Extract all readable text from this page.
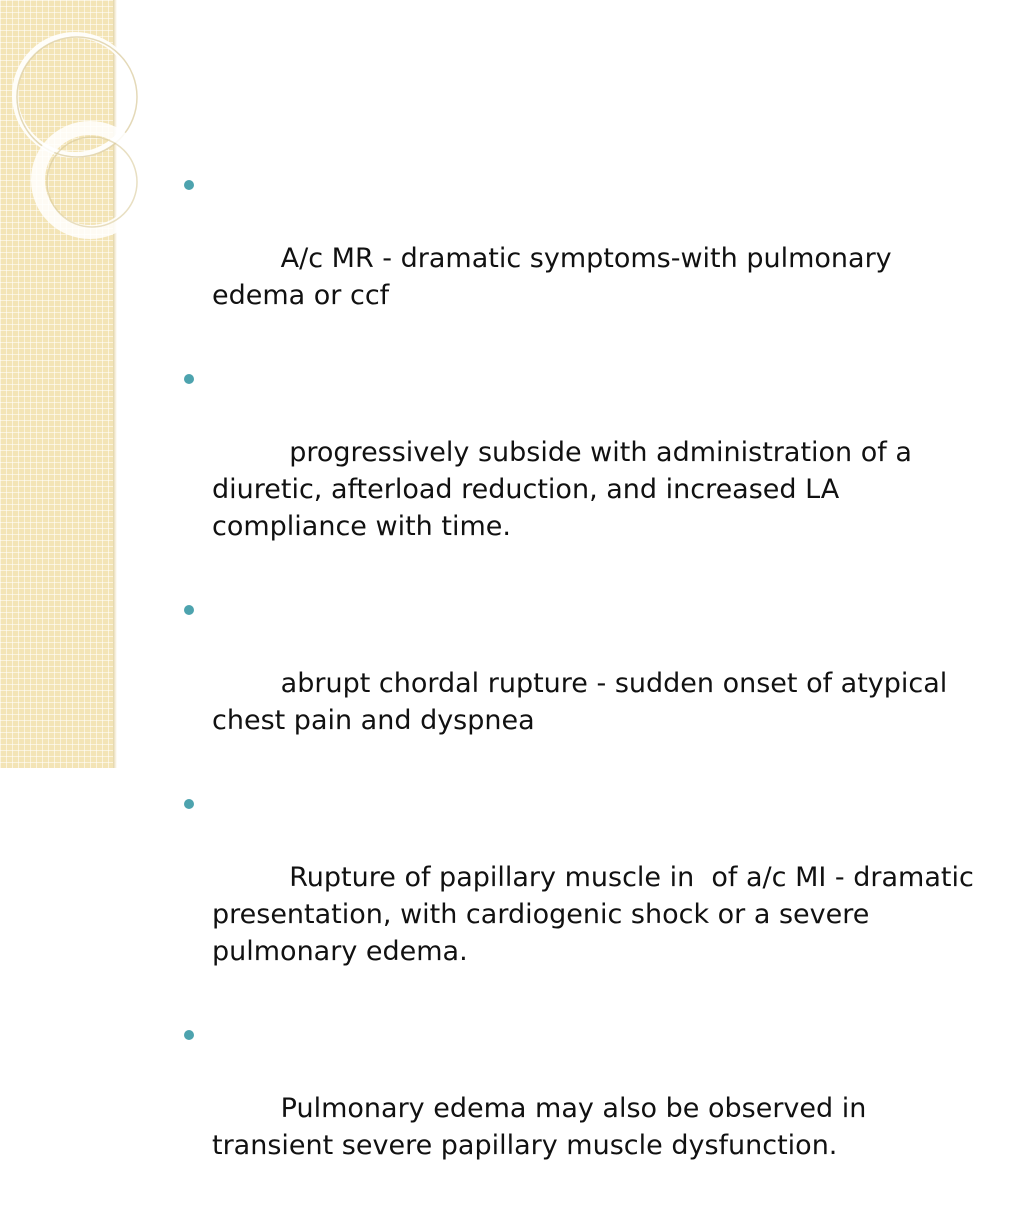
A/c MR - dramatic symptoms-with pulmonary edema or ccf

progressively subside with administration of a diuretic, afterload reduction, and increased LA compliance with time.

abrupt chordal rupture - sudden onset of atypical chest pain and dyspnea

Rupture of papillary muscle in  of a/c MI - dramatic presentation, with cardiogenic shock or a severe pulmonary edema.

Pulmonary edema may also be observed in transient severe papillary muscle dysfunction.
